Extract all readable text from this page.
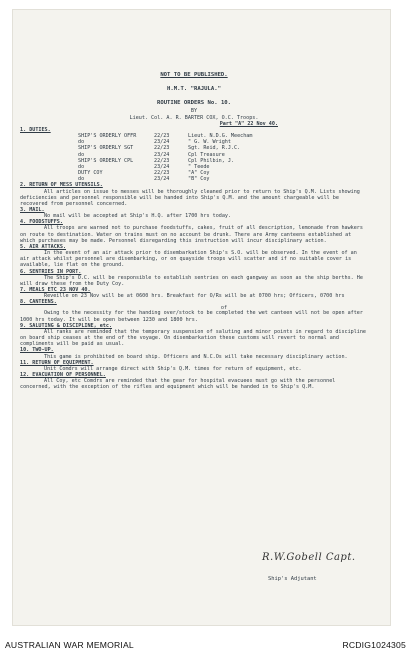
NOT TO BE PUBLISHED.
H.M.T. "RAJULA."
ROUTINE ORDERS No. 10.
BY
Lieut. Col. A. R. BARTER COX, O.C. Troops.
Part "A" 22 Nov 40.
1. DUTIES.
SHIP'S ORDERLY OFFR	22/23	Lieut. N.D.G. Meecham
do	23/24	" G. W. Wright
SHIP'S ORDERLY SGT	22/23	Sgt. Reid, R.J.C.
do	23/24	Cpl Treasure
SHIP'S ORDERLY CPL	22/23	Cpl Philbin, J.
do	23/24	" Teede
DUTY COY	22/23	"A" Coy
do	23/24	"B" Coy
2. RETURN OF MESS UTENSILS.
All articles on issue to messes will be thoroughly cleaned prior to return to Ship's Q.M. Lists showing deficiencies and personnel responsible will be handed into Ship's Q.M. and the amount chargeable will be recovered from personnel concerned.
3. MAIL.
No mail will be accepted at Ship's H.Q. after 1700 hrs today.
4. FOODSTUFFS.
All troops are warned not to purchase foodstuffs, cakes, fruit of all description, lemonade from hawkers on route to destination. Water on trains must on no account be drunk. There are Army canteens established at which purchases may be made. Personnel disregarding this instruction will incur disciplinary action.
5. AIR ATTACKS.
In the event of an air attack prior to disembarkation Ship's S.O. will be observed. In the event of an air attack whilst personnel are disembarking, or on quayside troops will scatter and if no suitable cover is available, lie flat on the ground.
6. SENTRIES IN PORT.
The Ship's O.C. will be responsible to establish sentries on each gangway as soon as the ship berths. He will draw these from the Duty Coy.
7. MEALS ETC 23 NOV 40.
Reveille on 23 Nov will be at 0600 hrs. Breakfast for O/Rs will be at 0700 hrs; Officers, 0700 hrs
8. CANTEENS.
of
Owing to the necessity for the handing over/stock to be completed the wet canteen will not be open after 1000 hrs today. It will be open between 1230 and 1800 hrs.
9. SALUTING & DISCIPLINE, etc.
All ranks are reminded that the temporary suspension of saluting and minor points in regard to discipline on board ship ceases at the end of the voyage. On disembarkation these customs will revert to normal and compliments will be paid as usual.
10. TWO-UP.
This game is prohibited on board ship. Officers and N.C.Os will take necessary disciplinary action.
11. RETURN OF EQUIPMENT.
Unit Comdrs will arrange direct with Ship's Q.M. times for return of equipment, etc.
12. EVACUATION OF PERSONNEL.
All Coy, etc Comdrs are reminded that the gear for hospital evacuees must go with the personnel concerned, with the exception of the rifles and equipment which will be handed in to Ship's Q.M.
R.W.Gobell Capt.
Ship's Adjutant
AUSTRALIAN WAR MEMORIAL	RCDIG1024305
